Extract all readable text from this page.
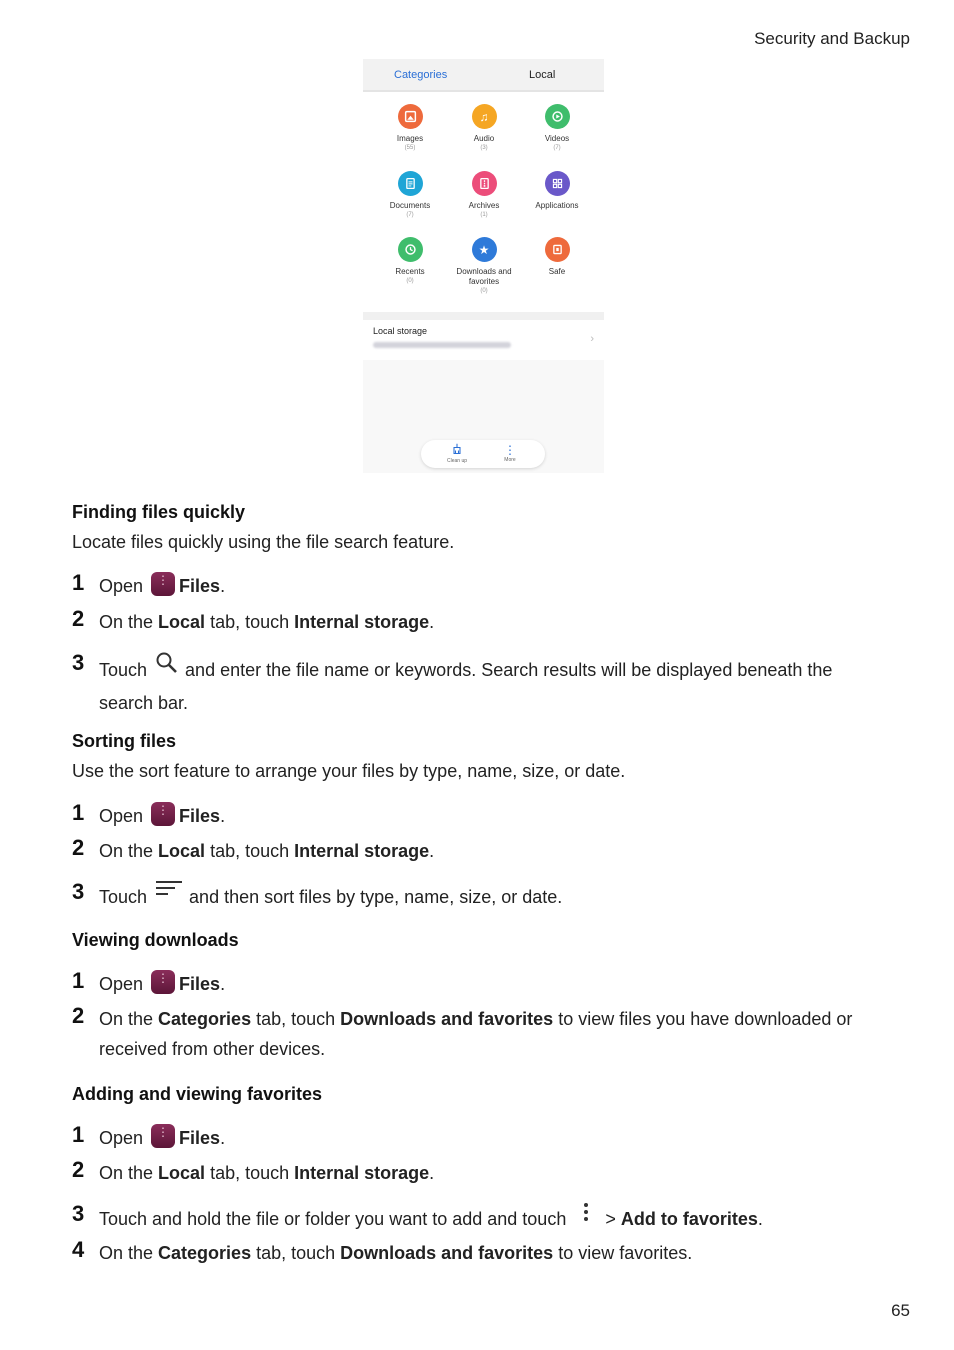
Security and Backup
Categories	Local
Images
(55)
♫
Audio
(3)
Videos
(7)
Documents
(7)
Archives
(1)
Applications
Recents
(0)
★
Downloads and favorites
(0)
Safe
Local storage
›
Clean up
⋮
More
Finding files quickly

Locate files quickly using the file search feature.

1 Open ⋮ Files.
2 On the Local tab, touch Internal storage.
3 Touch and enter the file name or keywords. Search results will be displayed beneath the search bar.
Sorting files

Use the sort feature to arrange your files by type, name, size, or date.

1 Open ⋮ Files.
2 On the Local tab, touch Internal storage.
3 Touch and then sort files by type, name, size, or date.
Viewing downloads
1 Open ⋮ Files.
2 On the Categories tab, touch Downloads and favorites to view files you have downloaded or received from other devices.
Adding and viewing favorites
1 Open ⋮ Files.
2 On the Local tab, touch Internal storage.
3 Touch and hold the file or folder you want to add and touch > Add to favorites.
4 On the Categories tab, touch Downloads and favorites to view favorites.
65
